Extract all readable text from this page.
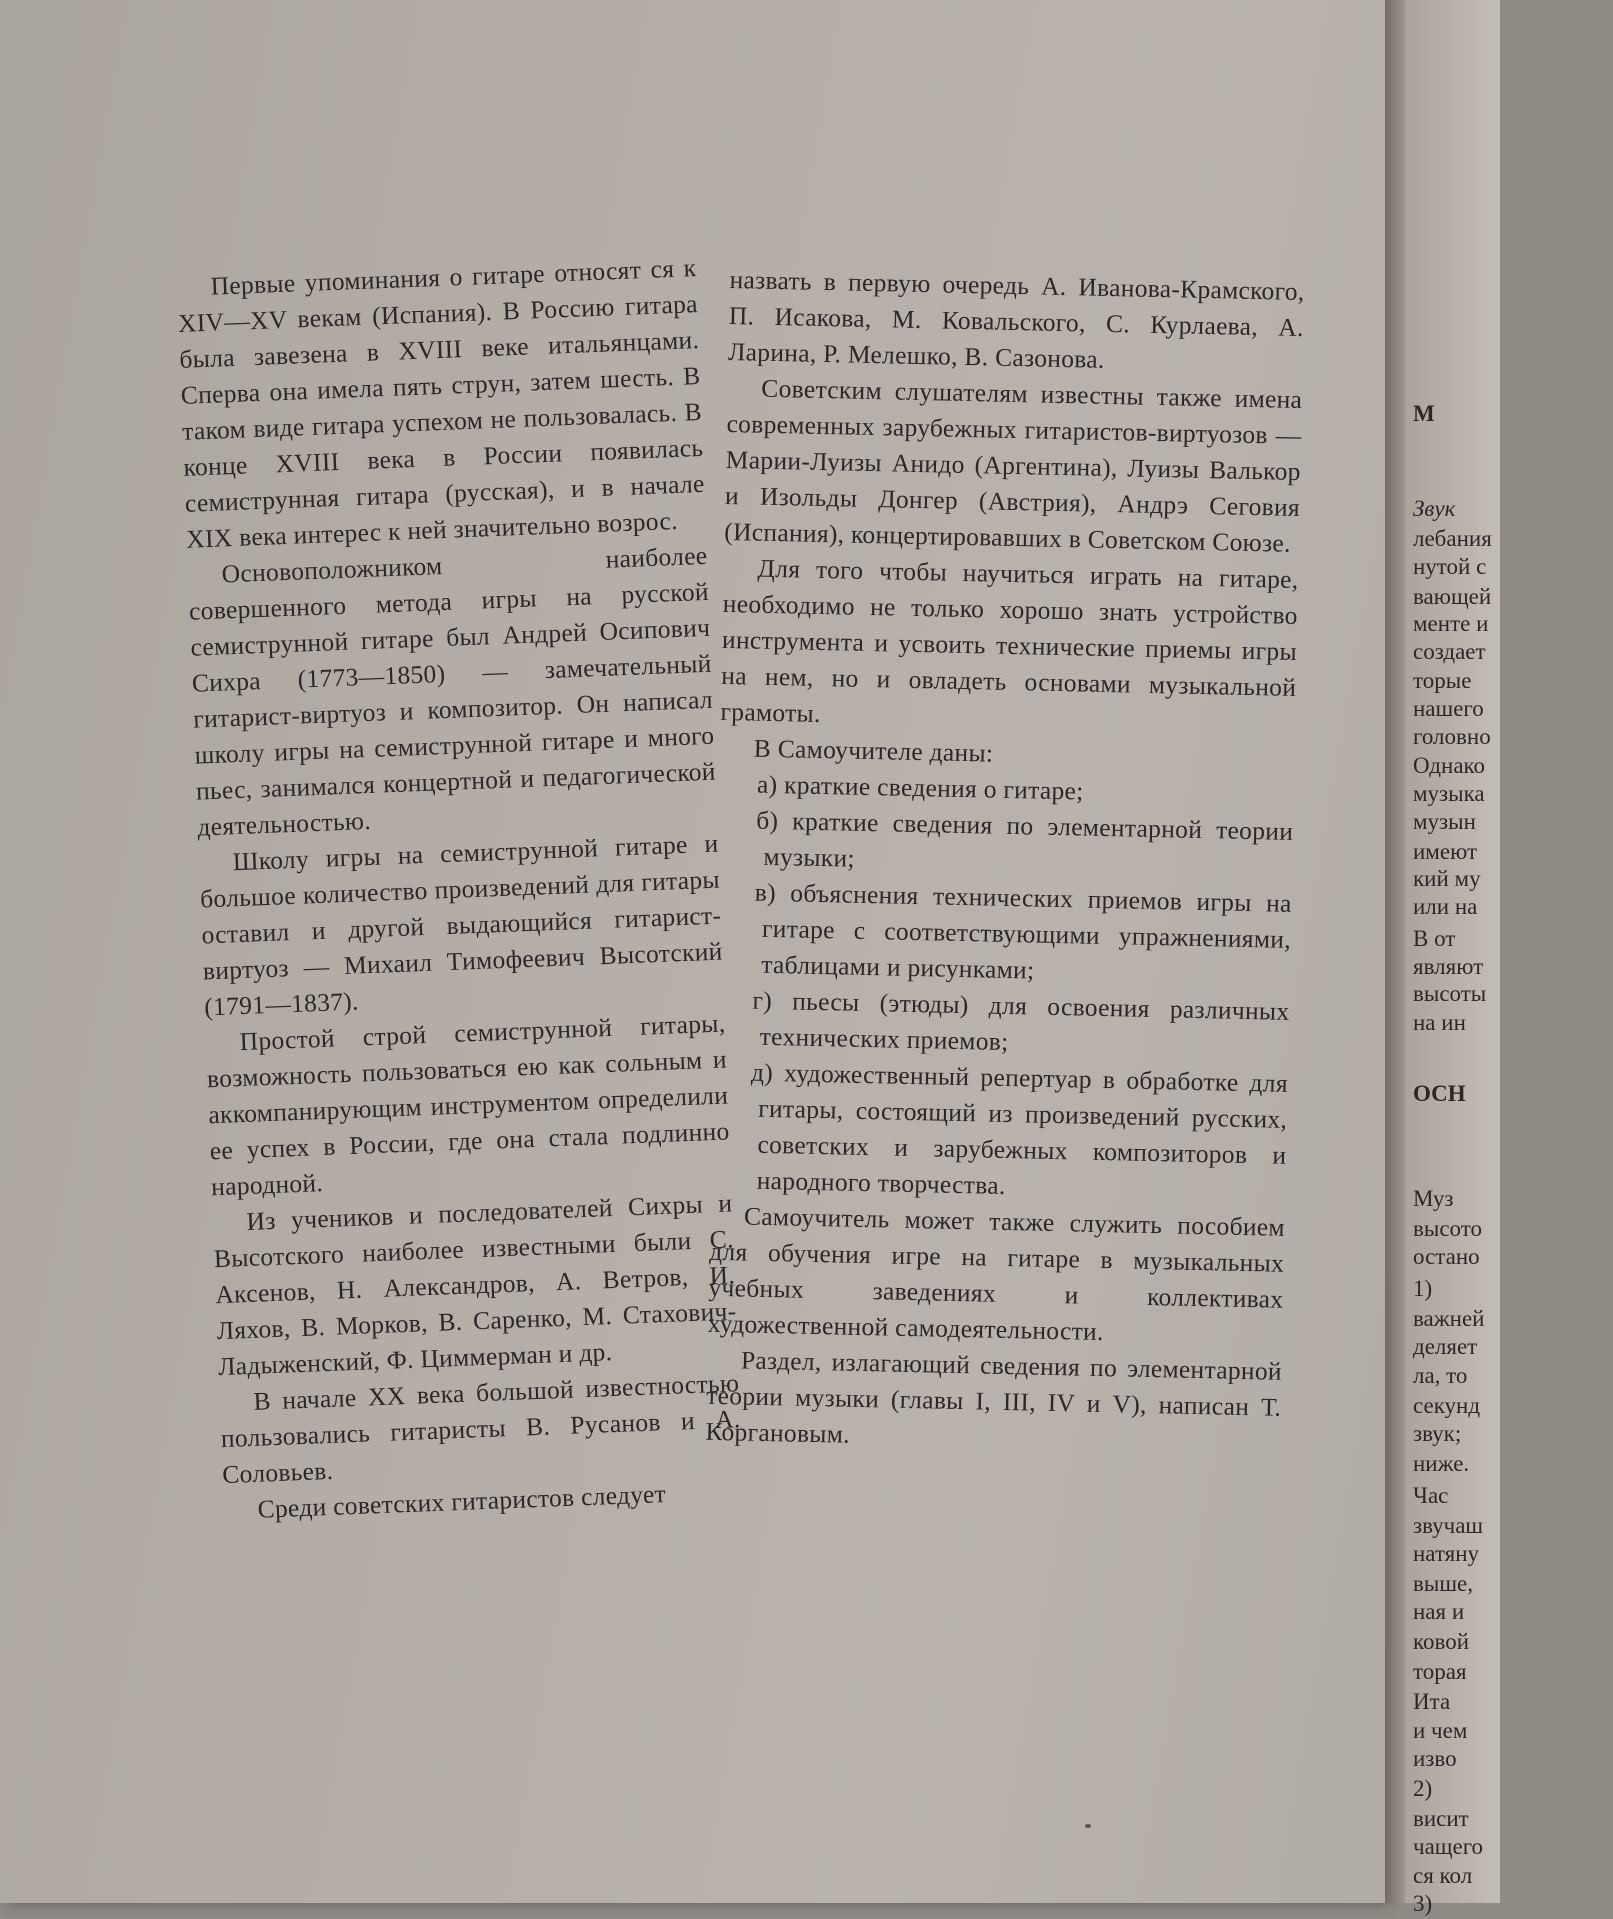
М
Звук
лебания
нутой с
вающей
менте и
создает
торые
нашего
головно
Однако
музыка
музын
имеют
кий му
или на
В от
являют
высоты
на ин
ОСН
Муз
высото
остано
1)
важней
деляет
ла, то
секунд
звук;
ниже.
Час
звучаш
натяну
выше,
ная и
ковой
торая
Ита
и чем
изво
2)
висит
чащего
ся кол
3)

Первые упоминания о гитаре относят ся к XIV—XV векам (Испания). В Россию гитара была завезена в XVIII веке итальянцами. Сперва она имела пять струн, затем шесть. В таком виде гитара успехом не пользовалась. В конце XVIII века в России появилась семиструнная гитара (русская), и в начале XIX века интерес к ней значительно возрос.

Основоположником наиболее совершенного метода игры на русской семиструнной гитаре был Андрей Осипович Сихра (1773—1850) — замечательный гитарист-виртуоз и композитор. Он написал школу игры на семиструнной гитаре и много пьес, занимался концертной и педагогической деятельностью.

Школу игры на семиструнной гитаре и большое количество произведений для гитары оставил и другой выдающийся гитарист-виртуоз — Михаил Тимофеевич Высотский (1791—1837).

Простой строй семиструнной гитары, возможность пользоваться ею как сольным и аккомпанирующим инструментом определили ее успех в России, где она стала подлинно народной.

Из учеников и последователей Сихры и Высотского наиболее известными были С. Аксенов, Н. Александров, А. Ветров, И. Ляхов, В. Морков, В. Саренко, М. Стахович-Ладыженский, Ф. Циммерман и др.

В начале XX века большой известностью пользовались гитаристы В. Русанов и А. Соловьев.

Среди советских гитаристов следует

назвать в первую очередь А. Иванова-Крамского, П. Исакова, М. Ковальского, С. Курлаева, А. Ларина, Р. Мелешко, В. Сазонова.

Советским слушателям известны также имена современных зарубежных гитаристов-виртуозов — Марии-Луизы Анидо (Аргентина), Луизы Валькор и Изольды Донгер (Австрия), Андрэ Сеговия (Испания), концертировавших в Советском Союзе.

Для того чтобы научиться играть на гитаре, необходимо не только хорошо знать устройство инструмента и усвоить технические приемы игры на нем, но и овладеть основами музыкальной грамоты.

В Самоучителе даны:

а) краткие сведения о гитаре;

б) краткие сведения по элементарной теории музыки;

в) объяснения технических приемов игры на гитаре с соответствующими упражнениями, таблицами и рисунками;

г) пьесы (этюды) для освоения различных технических приемов;

д) художественный репертуар в обработке для гитары, состоящий из произведений русских, советских и зарубежных композиторов и народного творчества.

Самоучитель может также служить пособием для обучения игре на гитаре в музыкальных учебных заведениях и коллективах художественной самодеятельности.

Раздел, излагающий сведения по элементарной теории музыки (главы I, III, IV и V), написан Т. Коргановым.
